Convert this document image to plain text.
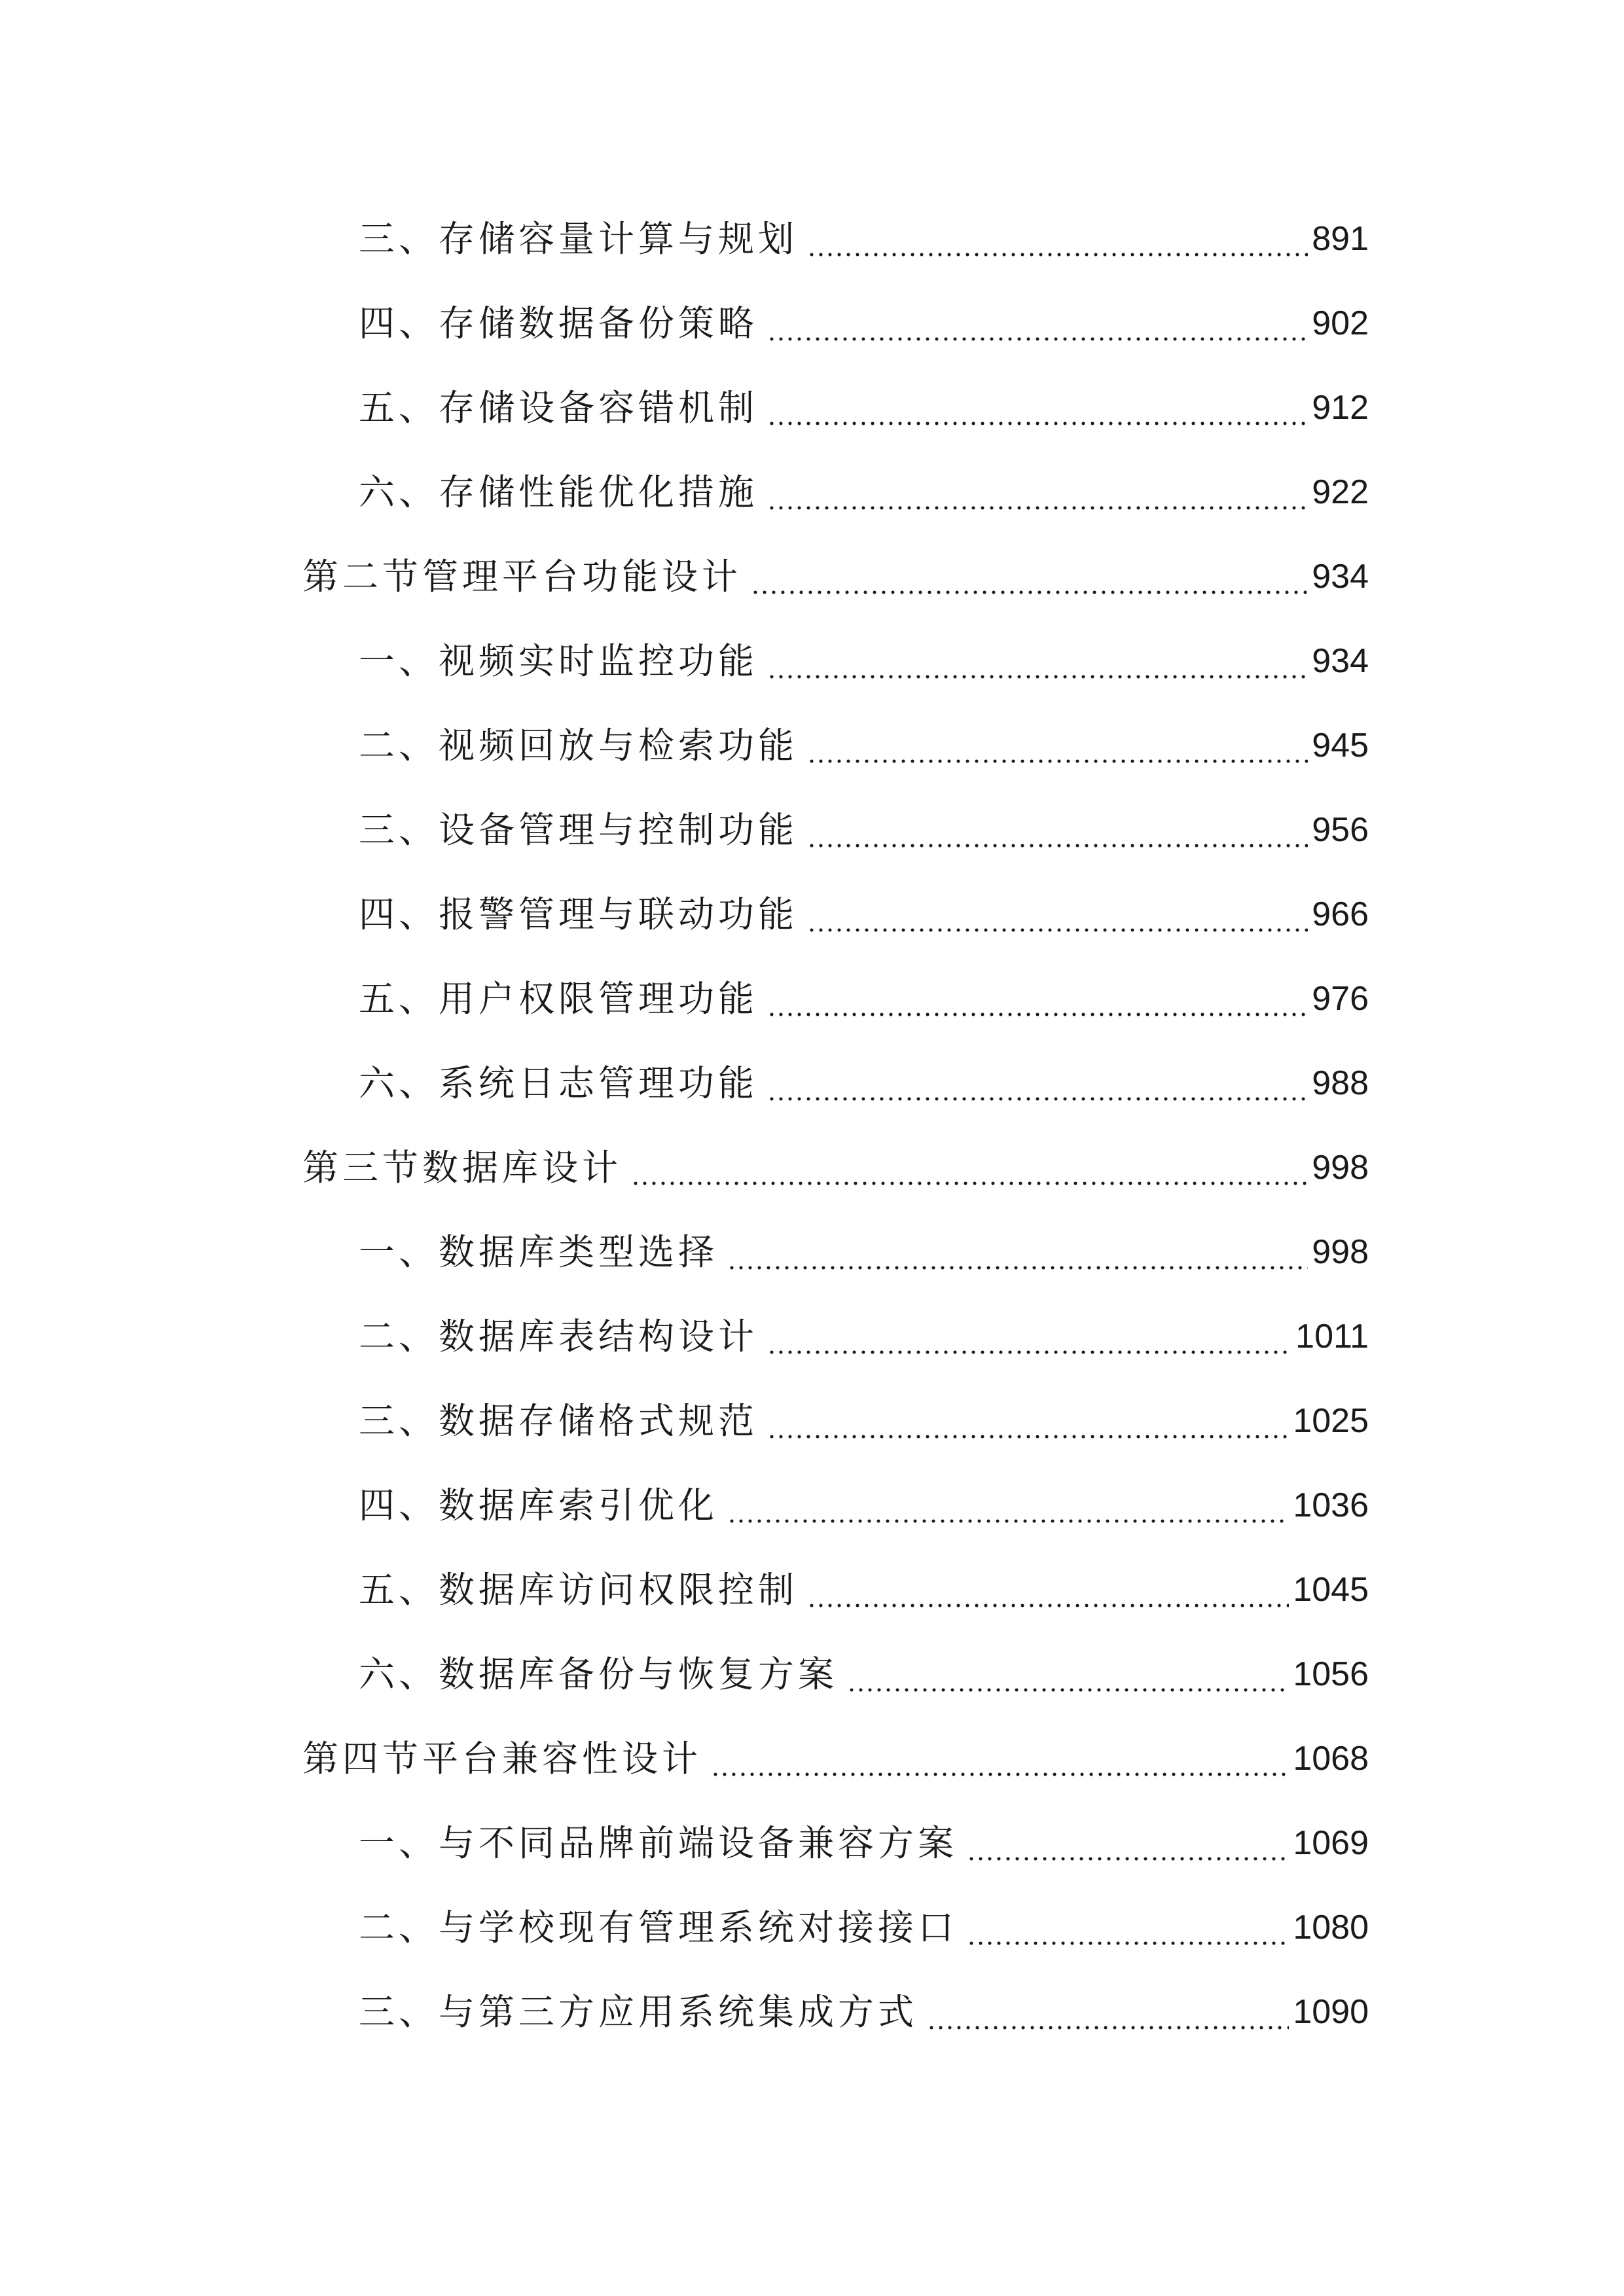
三、存储容量计算与规划	891
四、存储数据备份策略	902
五、存储设备容错机制	912
六、存储性能优化措施	922
第二节管理平台功能设计	934
一、视频实时监控功能	934
二、视频回放与检索功能	945
三、设备管理与控制功能	956
四、报警管理与联动功能	966
五、用户权限管理功能	976
六、系统日志管理功能	988
第三节数据库设计	998
一、数据库类型选择	998
二、数据库表结构设计	1011
三、数据存储格式规范	1025
四、数据库索引优化	1036
五、数据库访问权限控制	1045
六、数据库备份与恢复方案	1056
第四节平台兼容性设计	1068
一、与不同品牌前端设备兼容方案	1069
二、与学校现有管理系统对接接口	1080
三、与第三方应用系统集成方式	1090
